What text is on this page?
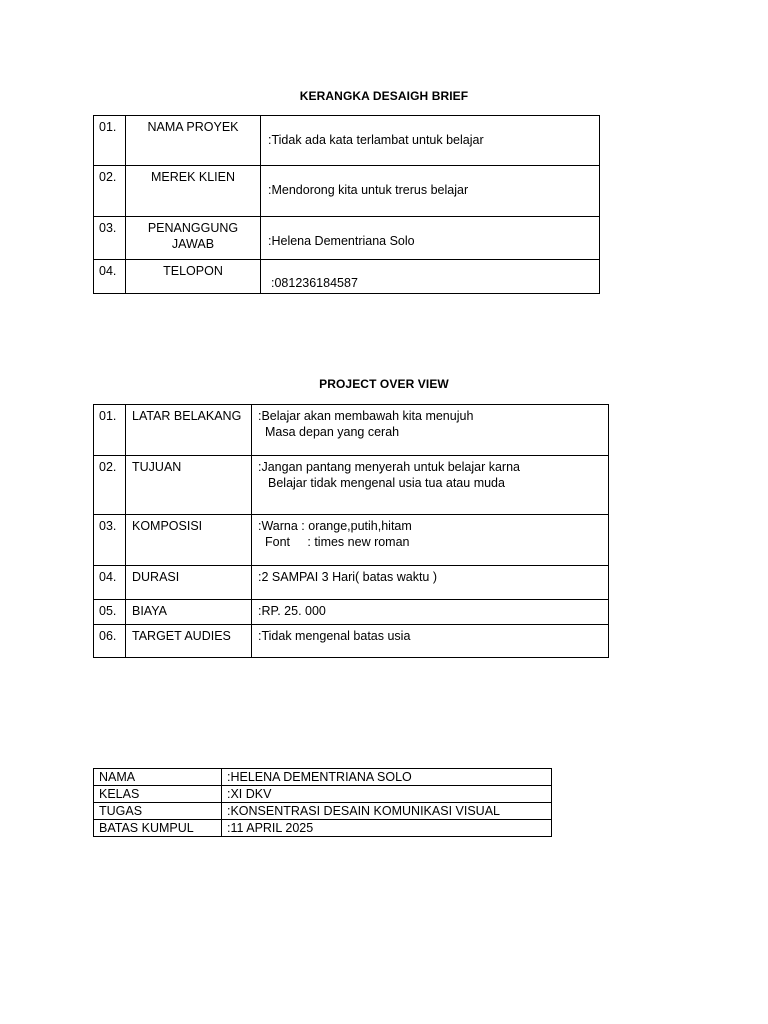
KERANGKA DESAIGH BRIEF
01.	NAMA PROYEK	:Tidak ada kata terlambat untuk belajar
02.	MEREK KLIEN	:Mendorong kita untuk trerus belajar
03.	PENANGGUNG
JAWAB	:Helena Dementriana Solo
04.	TELOPON	:081236184587
PROJECT OVER VIEW
01.	LATAR BELAKANG	:Belajar akan membawah kita menujuh
Masa depan yang cerah

02.	TUJUAN	:Jangan pantang menyerah untuk belajar karna
Belajar tidak mengenal usia tua atau muda

03.	KOMPOSISI	:Warna : orange,putih,hitam
Font     : times new roman

04.	DURASI	:2 SAMPAI 3 Hari( batas waktu )
05.	BIAYA	:RP. 25. 000
06.	TARGET AUDIES	:Tidak mengenal batas usia
NAMA	:HELENA DEMENTRIANA SOLO
KELAS	:XI DKV
TUGAS	:KONSENTRASI DESAIN KOMUNIKASI VISUAL
BATAS KUMPUL	:11 APRIL 2025
